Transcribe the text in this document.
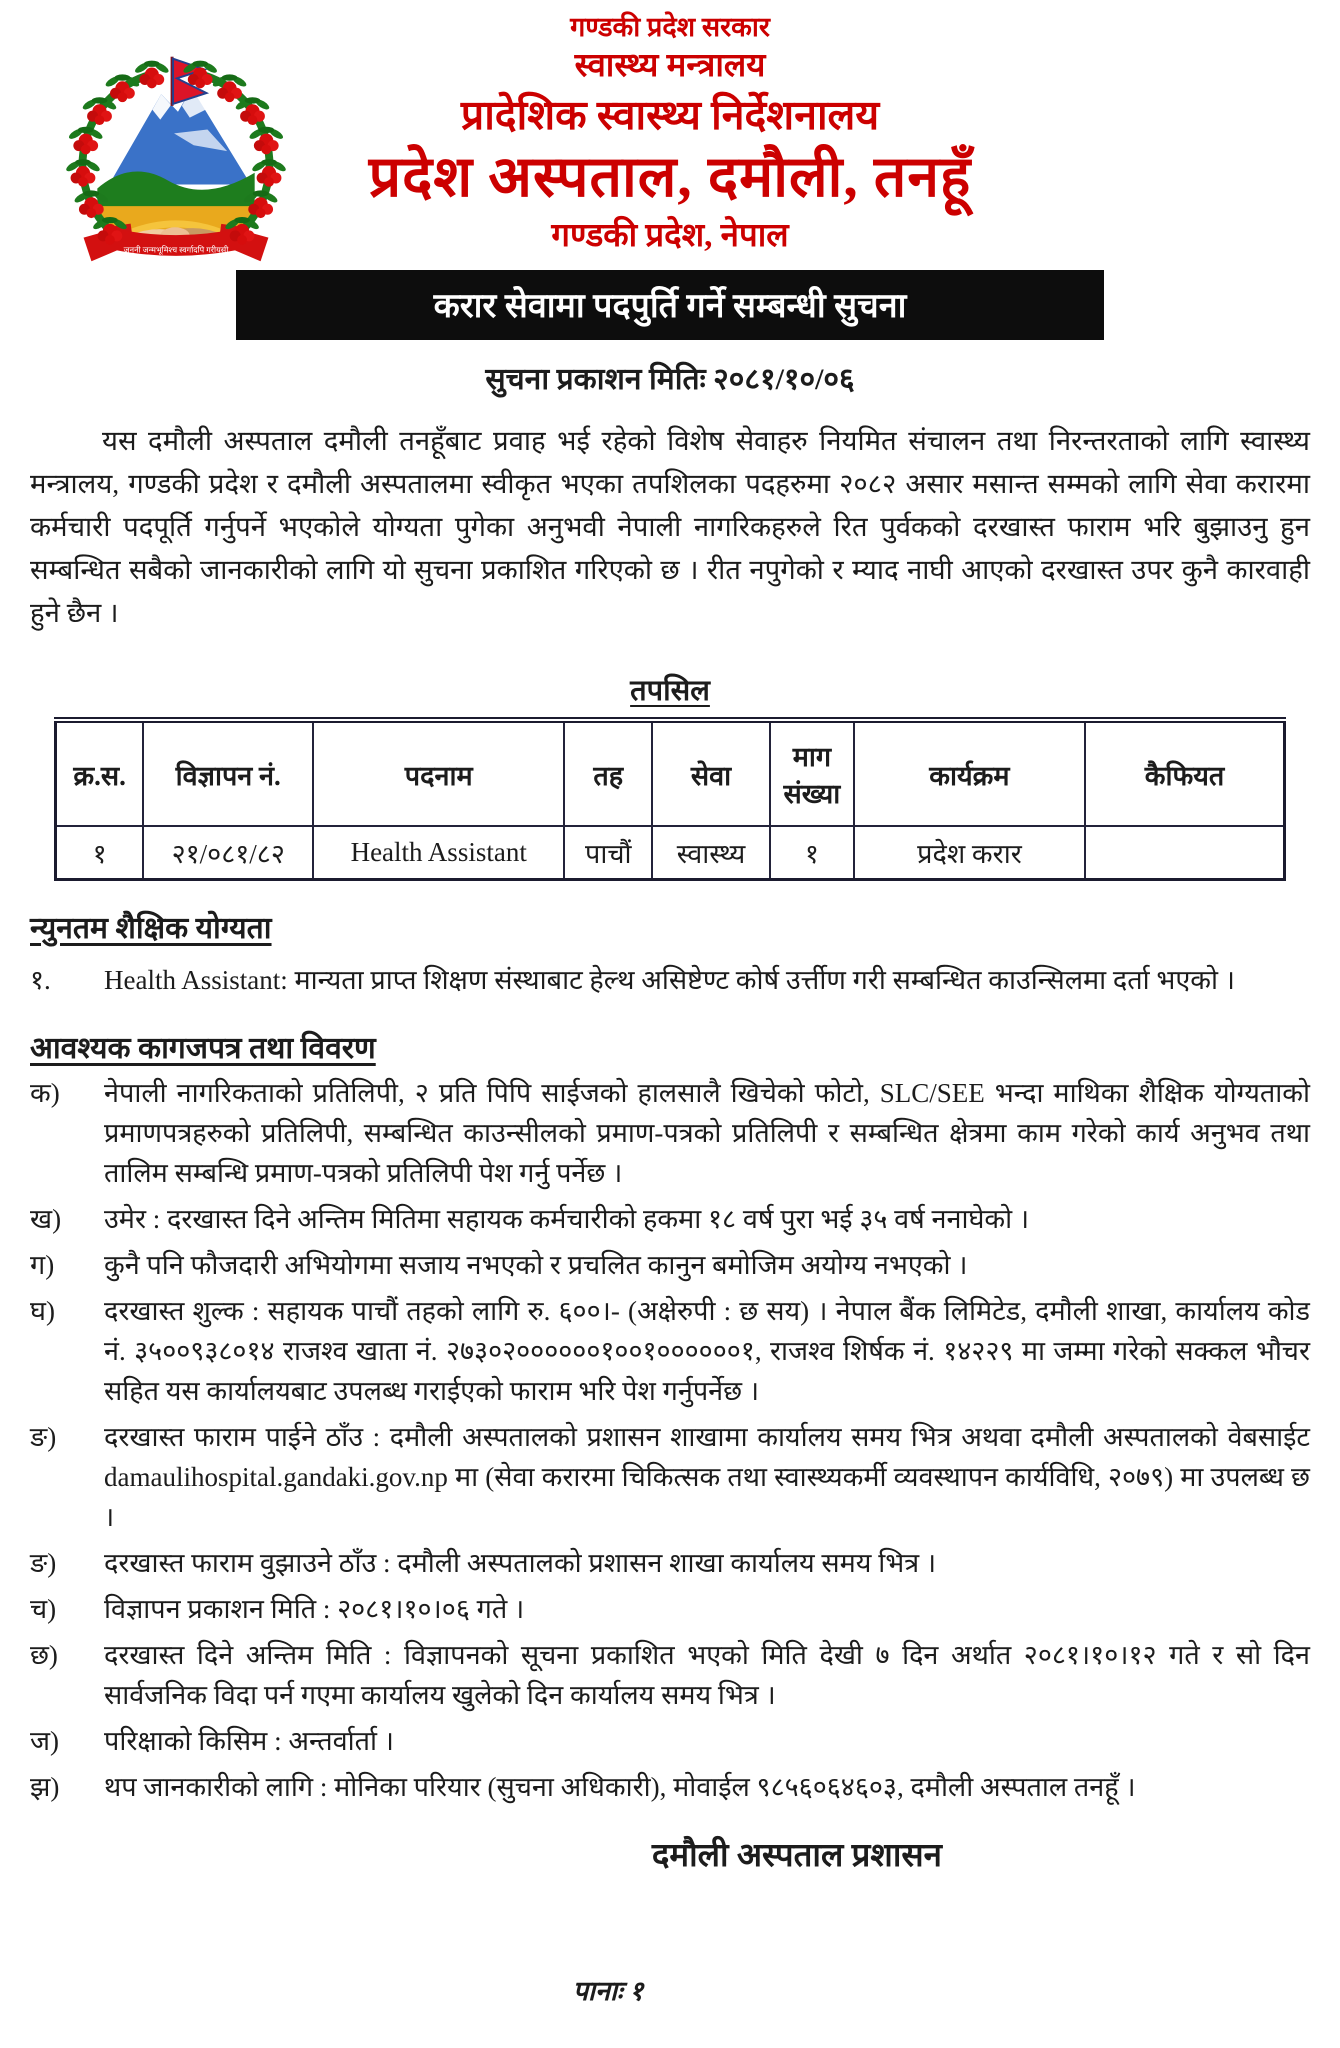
जननी जन्मभूमिश्च स्वर्गादपि गरीयसी
गण्डकी प्रदेश सरकार
स्वास्थ्य मन्त्रालय
प्रादेशिक स्वास्थ्य निर्देशनालय
प्रदेश अस्पताल, दमौली, तनहूँ
गण्डकी प्रदेश, नेपाल
करार सेवामा पदपुर्ति गर्ने सम्बन्धी सुचना
सुचना प्रकाशन मितिः २०८१/१०/०६

यस दमौली अस्पताल दमौली तनहूँबाट प्रवाह भई रहेको विशेष सेवाहरु नियमित संचालन तथा निरन्तरताको लागि स्वास्थ्य मन्त्रालय, गण्डकी प्रदेश र दमौली अस्पतालमा स्वीकृत भएका तपशिलका पदहरुमा २०८२ असार मसान्त सम्मको लागि सेवा करारमा कर्मचारी पदपूर्ति गर्नुपर्ने भएकोले योग्यता पुगेका अनुभवी नेपाली नागरिकहरुले रित पुर्वकको दरखास्त फाराम भरि बुझाउनु हुन सम्बन्धित सबैको जानकारीको लागि यो सुचना प्रकाशित गरिएको छ । रीत नपुगेको र म्याद नाघी आएको दरखास्त उपर कुनै कारवाही हुने छैन ।

तपसिल
क्र.स.	विज्ञापन नं.	पदनाम	तह	सेवा	माग संख्या	कार्यक्रम	कैफियत
१	२१/०८१/८२	Health Assistant	पाचौं	स्वास्थ्य	१	प्रदेश करार	
न्युनतम शैक्षिक योग्यता
१.	Health Assistant: मान्यता प्राप्त शिक्षण संस्थाबाट हेल्थ असिष्टेण्ट कोर्ष उर्त्तीण गरी सम्बन्धित काउन्सिलमा दर्ता भएको ।
आवश्यक कागजपत्र तथा विवरण
क)	नेपाली नागरिकताको प्रतिलिपी, २ प्रति पिपि साईजको हालसालै खिचेको फोटो, SLC/SEE भन्दा माथिका शैक्षिक योग्यताको प्रमाणपत्रहरुको प्रतिलिपी, सम्बन्धित काउन्सीलको प्रमाण-पत्रको प्रतिलिपी र सम्बन्धित क्षेत्रमा काम गरेको कार्य अनुभव तथा तालिम सम्बन्धि प्रमाण-पत्रको प्रतिलिपी पेश गर्नु पर्नेछ ।
ख)	उमेर : दरखास्त दिने अन्तिम मितिमा सहायक कर्मचारीको हकमा १८ वर्ष पुरा भई ३५ वर्ष ननाघेको ।
ग)	कुनै पनि फौजदारी अभियोगमा सजाय नभएको र प्रचलित कानुन बमोजिम अयोग्य नभएको ।
घ)	दरखास्त शुल्क : सहायक पाचौं तहको लागि रु. ६००।- (अक्षेरुपी : छ सय) । नेपाल बैंक लिमिटेड, दमौली शाखा, कार्यालय कोड नं. ३५००९३८०१४ राजश्व खाता नं. २७३०२००००००१००१००००००१, राजश्व शिर्षक नं. १४२२९ मा जम्मा गरेको सक्कल भौचर सहित यस कार्यालयबाट उपलब्ध गराईएको फाराम भरि पेश गर्नुपर्नेछ ।
ङ)	दरखास्त फाराम पाईने ठाँउ : दमौली अस्पतालको प्रशासन शाखामा कार्यालय समय भित्र अथवा दमौली अस्पतालको वेबसाईट damaulihospital.gandaki.gov.np मा (सेवा करारमा चिकित्सक तथा स्वास्थ्यकर्मी व्यवस्थापन कार्यविधि, २०७९) मा उपलब्ध छ ।
ङ)	दरखास्त फाराम वुझाउने ठाँउ : दमौली अस्पतालको प्रशासन शाखा कार्यालय समय भित्र ।
च)	विज्ञापन प्रकाशन मिति : २०८१।१०।०६ गते ।
छ)	दरखास्त दिने अन्तिम मिति : विज्ञापनको सूचना प्रकाशित भएको मिति देखी ७ दिन अर्थात २०८१।१०।१२ गते र सो दिन सार्वजनिक विदा पर्न गएमा कार्यालय खुलेको दिन कार्यालय समय भित्र ।
ज)	परिक्षाको किसिम : अन्तर्वार्ता ।
झ)	थप जानकारीको लागि : मोनिका परियार (सुचना अधिकारी), मोवाईल ९८५६०६४६०३, दमौली अस्पताल तनहूँ ।
दमौली अस्पताल प्रशासन
पानाः १
